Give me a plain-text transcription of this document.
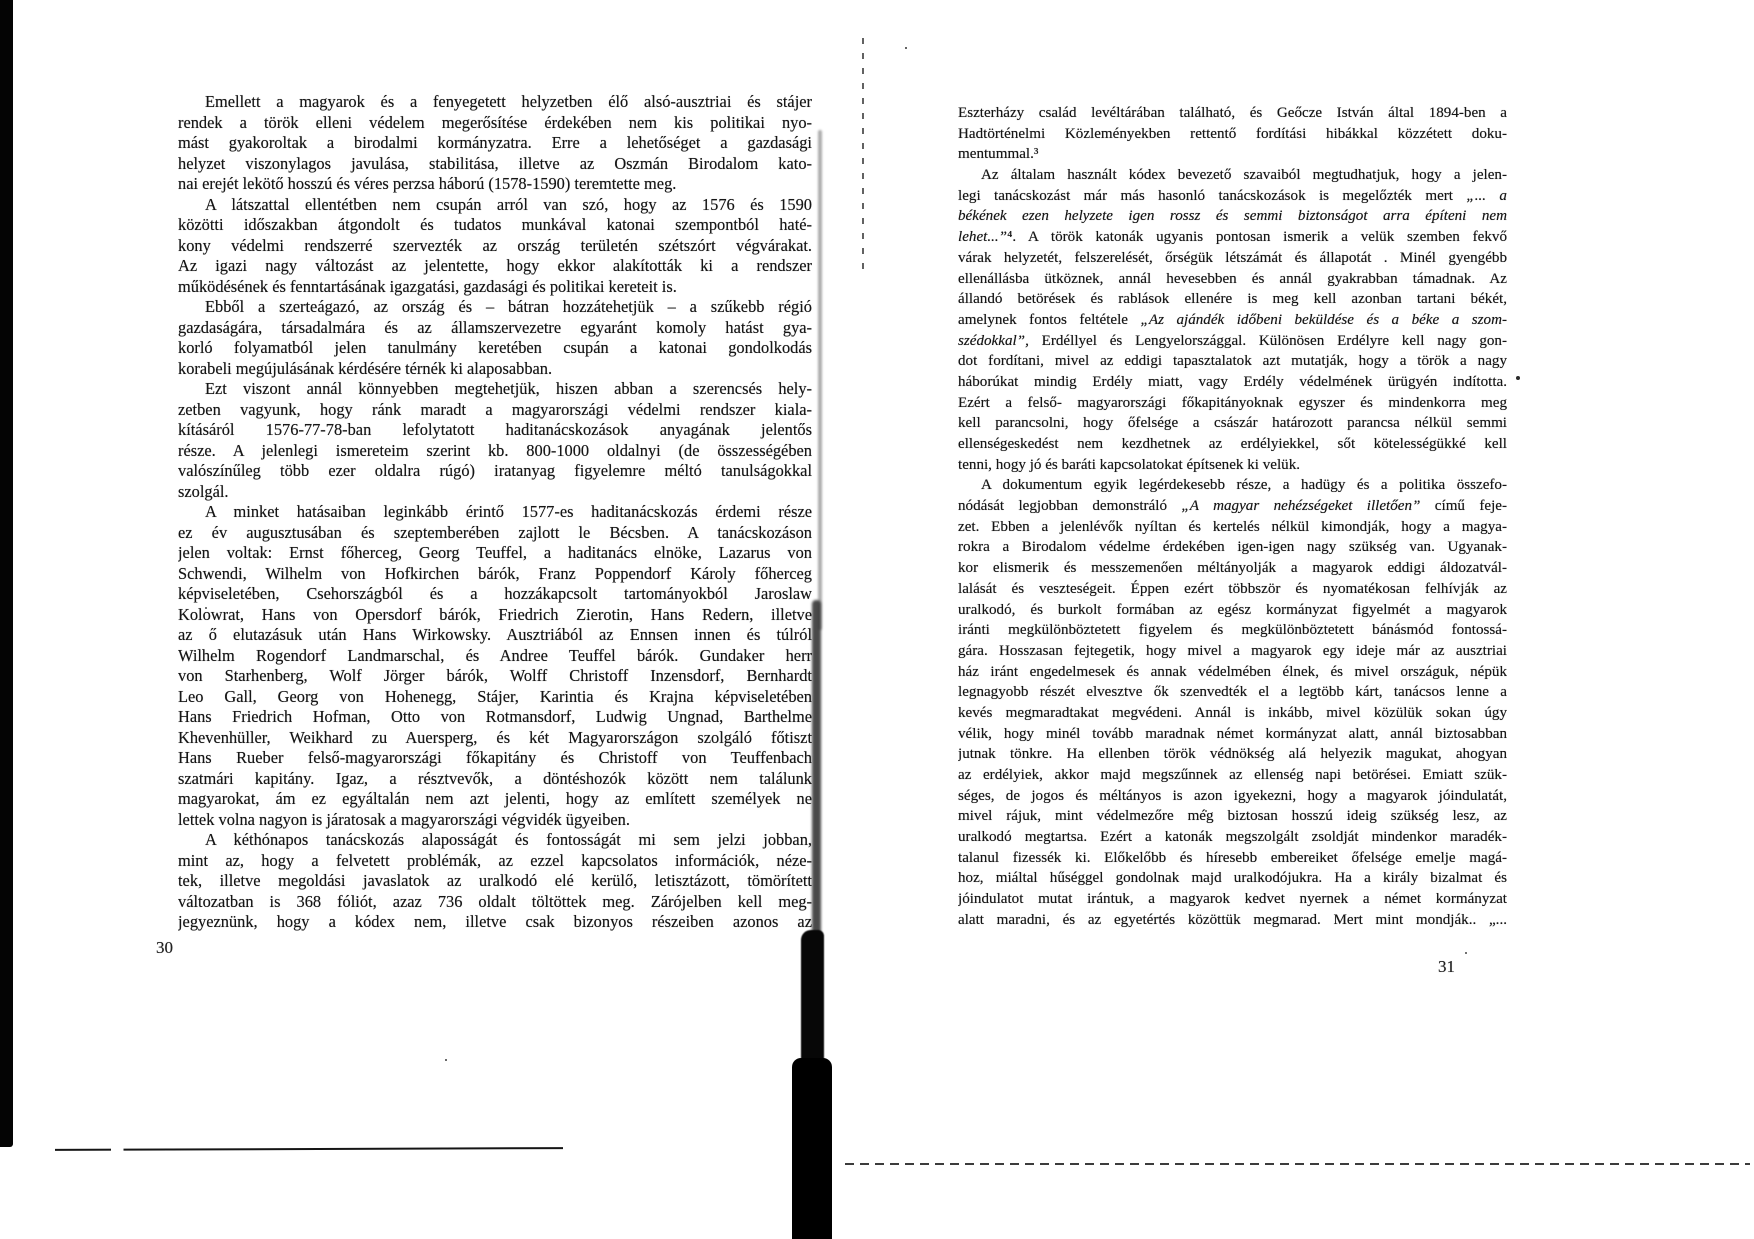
Emellett a magyarok és a fenyegetett helyzetben élő alsó-ausztriai és stájer
rendek a török elleni védelem megerősítése érdekében nem kis politikai nyo-
mást gyakoroltak a birodalmi kormányzatra. Erre a lehetőséget a gazdasági
helyzet viszonylagos javulása, stabilitása, illetve az Oszmán Birodalom kato-
nai erejét lekötő hosszú és véres perzsa háború (1578-1590) teremtette meg.
A látszattal ellentétben nem csupán arról van szó, hogy az 1576 és 1590
közötti időszakban átgondolt és tudatos munkával katonai szempontból haté-
kony védelmi rendszerré szervezték az ország területén szétszórt végvárakat.
Az igazi nagy változást az jelentette, hogy ekkor alakították ki a rendszer
működésének és fenntartásának igazgatási, gazdasági és politikai kereteit is.
Ebből a szerteágazó, az ország és – bátran hozzátehetjük – a szűkebb régió
gazdaságára, társadalmára és az államszervezetre egyaránt komoly hatást gya-
korló folyamatból jelen tanulmány keretében csupán a katonai gondolkodás
korabeli megújulásának kérdésére térnék ki alaposabban.
Ezt viszont annál könnyebben megtehetjük, hiszen abban a szerencsés hely-
zetben vagyunk, hogy ránk maradt a magyarországi védelmi rendszer kiala-
kításáról 1576-77-78-ban lefolytatott haditanácskozások anyagának jelentős
része. A jelenlegi ismereteim szerint kb. 800-1000 oldalnyi (de összességében
valószínűleg több ezer oldalra rúgó) iratanyag figyelemre méltó tanulságokkal
szolgál.
A minket hatásaiban leginkább érintő 1577-es haditanácskozás érdemi része
ez év augusztusában és szeptemberében zajlott le Bécsben. A tanácskozáson
jelen voltak: Ernst főherceg, Georg Teuffel, a haditanács elnöke, Lazarus von
Schwendi, Wilhelm von Hofkirchen bárók, Franz Poppendorf Károly főherceg
képviseletében, Csehországból és a hozzákapcsolt tartományokból Jaroslaw
Kolowrat, Hans von Opersdorf bárók, Friedrich Zierotin, Hans Redern, illetve
az ő elutazásuk után Hans Wirkowsky. Ausztriából az Ennsen innen és túlról
Wilhelm Rogendorf Landmarschal, és Andree Teuffel bárók. Gundaker herr
von Starhenberg, Wolf Jörger bárók, Wolff Christoff Inzensdorf, Bernhardt
Leo Gall, Georg von Hohenegg, Stájer, Karintia és Krajna képviseletében
Hans Friedrich Hofman, Otto von Rotmansdorf, Ludwig Ungnad, Barthelme
Khevenhüller, Weikhard zu Auersperg, és két Magyarországon szolgáló főtiszt
Hans Rueber felső-magyarországi főkapitány és Christoff von Teuffenbach
szatmári kapitány. Igaz, a résztvevők, a döntéshozók között nem találunk
magyarokat, ám ez egyáltalán nem azt jelenti, hogy az említett személyek ne
lettek volna nagyon is járatosak a magyarországi végvidék ügyeiben.
A kéthónapos tanácskozás alaposságát és fontosságát mi sem jelzi jobban,
mint az, hogy a felvetett problémák, az ezzel kapcsolatos információk, néze-
tek, illetve megoldási javaslatok az uralkodó elé kerülő, letisztázott, tömörített
változatban is 368 fóliót, azaz 736 oldalt töltöttek meg. Zárójelben kell meg-
jegyeznünk, hogy a kódex nem, illetve csak bizonyos részeiben azonos az
Eszterházy család levéltárában található, és Geőcze István által 1894-ben a
Hadtörténelmi Közleményekben rettentő fordítási hibákkal közzétett doku-
mentummal.³
Az általam használt kódex bevezető szavaiból megtudhatjuk, hogy a jelen-
legi tanácskozást már más hasonló tanácskozások is megelőzték mert „... a
békének ezen helyzete igen rossz és semmi biztonságot arra építeni nem
lehet...”⁴. A török katonák ugyanis pontosan ismerik a velük szemben fekvő
várak helyzetét, felszerelését, őrségük létszámát és állapotát . Minél gyengébb
ellenállásba ütköznek, annál hevesebben és annál gyakrabban támadnak. Az
állandó betörések és rablások ellenére is meg kell azonban tartani békét,
amelynek fontos feltétele „Az ajándék időbeni beküldése és a béke a szom-
szédokkal”, Erdéllyel és Lengyelországgal. Különösen Erdélyre kell nagy gon-
dot fordítani, mivel az eddigi tapasztalatok azt mutatják, hogy a török a nagy
háborúkat mindig Erdély miatt, vagy Erdély védelmének ürügyén indította.
Ezért a felső- magyarországi főkapitányoknak egyszer és mindenkorra meg
kell parancsolni, hogy őfelsége a császár határozott parancsa nélkül semmi
ellenségeskedést nem kezdhetnek az erdélyiekkel, sőt kötelességükké kell
tenni, hogy jó és baráti kapcsolatokat építsenek ki velük.
A dokumentum egyik legérdekesebb része, a hadügy és a politika összefo-
nódását legjobban demonstráló „A magyar nehézségeket illetően” című feje-
zet. Ebben a jelenlévők nyíltan és kertelés nélkül kimondják, hogy a magya-
rokra a Birodalom védelme érdekében igen-igen nagy szükség van. Ugyanak-
kor elismerik és messzemenően méltányolják a magyarok eddigi áldozatvál-
lalását és veszteségeit. Éppen ezért többször és nyomatékosan felhívják az
uralkodó, és burkolt formában az egész kormányzat figyelmét a magyarok
iránti megkülönböztetett figyelem és megkülönböztetett bánásmód fontossá-
gára. Hosszasan fejtegetik, hogy mivel a magyarok egy ideje már az ausztriai
ház iránt engedelmesek és annak védelmében élnek, és mivel országuk, népük
legnagyobb részét elvesztve ők szenvedték el a legtöbb kárt, tanácsos lenne a
kevés megmaradtakat megvédeni. Annál is inkább, mivel közülük sokan úgy
vélik, hogy minél tovább maradnak német kormányzat alatt, annál biztosabban
jutnak tönkre. Ha ellenben török védnökség alá helyezik magukat, ahogyan
az erdélyiek, akkor majd megszűnnek az ellenség napi betörései. Emiatt szük-
séges, de jogos és méltányos is azon igyekezni, hogy a magyarok jóindulatát,
mivel rájuk, mint védelmezőre még biztosan hosszú ideig szükség lesz, az
uralkodó megtartsa. Ezért a katonák megszolgált zsoldját mindenkor maradék-
talanul fizessék ki. Előkelőbb és híresebb embereiket őfelsége emelje magá-
hoz, miáltal hűséggel gondolnak majd uralkodójukra. Ha a király bizalmat és
jóindulatot mutat irántuk, a magyarok kedvet nyernek a német kormányzat
alatt maradni, és az egyetértés közöttük megmarad. Mert mint mondják.. „...
30
31
